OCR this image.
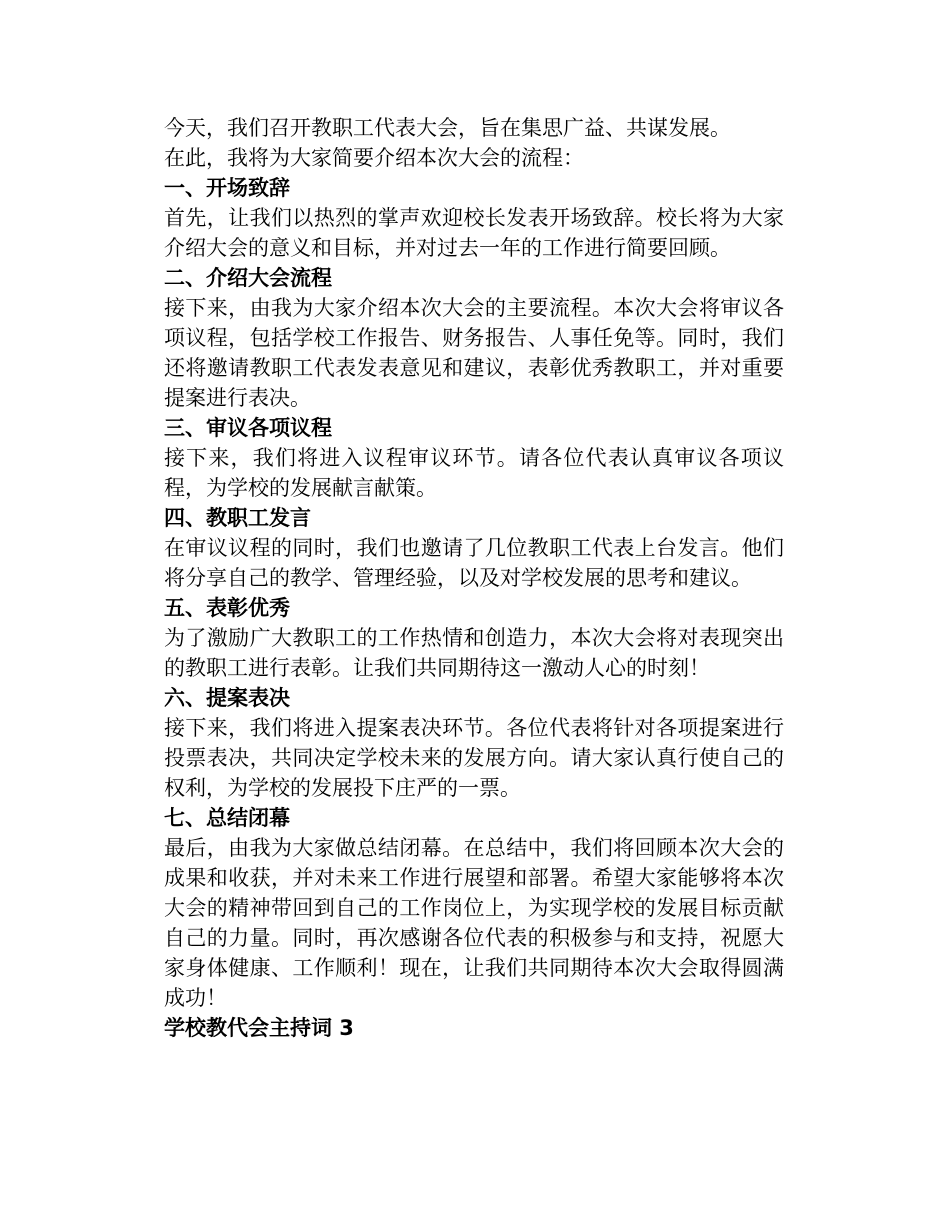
今天，我们召开教职工代表大会，旨在集思广益、共谋发展。

在此，我将为大家简要介绍本次大会的流程：

一、开场致辞

首先，让我们以热烈的掌声欢迎校长发表开场致辞。校长将为大家介绍大会的意义和目标，并对过去一年的工作进行简要回顾。

二、介绍大会流程

接下来，由我为大家介绍本次大会的主要流程。本次大会将审议各项议程，包括学校工作报告、财务报告、人事任免等。同时，我们还将邀请教职工代表发表意见和建议，表彰优秀教职工，并对重要提案进行表决。

三、审议各项议程

接下来，我们将进入议程审议环节。请各位代表认真审议各项议程，为学校的发展献言献策。

四、教职工发言

在审议议程的同时，我们也邀请了几位教职工代表上台发言。他们将分享自己的教学、管理经验，以及对学校发展的思考和建议。

五、表彰优秀

为了激励广大教职工的工作热情和创造力，本次大会将对表现突出的教职工进行表彰。让我们共同期待这一激动人心的时刻！

六、提案表决

接下来，我们将进入提案表决环节。各位代表将针对各项提案进行投票表决，共同决定学校未来的发展方向。请大家认真行使自己的权利，为学校的发展投下庄严的一票。

七、总结闭幕

最后，由我为大家做总结闭幕。在总结中，我们将回顾本次大会的成果和收获，并对未来工作进行展望和部署。希望大家能够将本次大会的精神带回到自己的工作岗位上，为实现学校的发展目标贡献自己的力量。同时，再次感谢各位代表的积极参与和支持，祝愿大家身体健康、工作顺利！现在，让我们共同期待本次大会取得圆满成功！

学校教代会主持词 3
